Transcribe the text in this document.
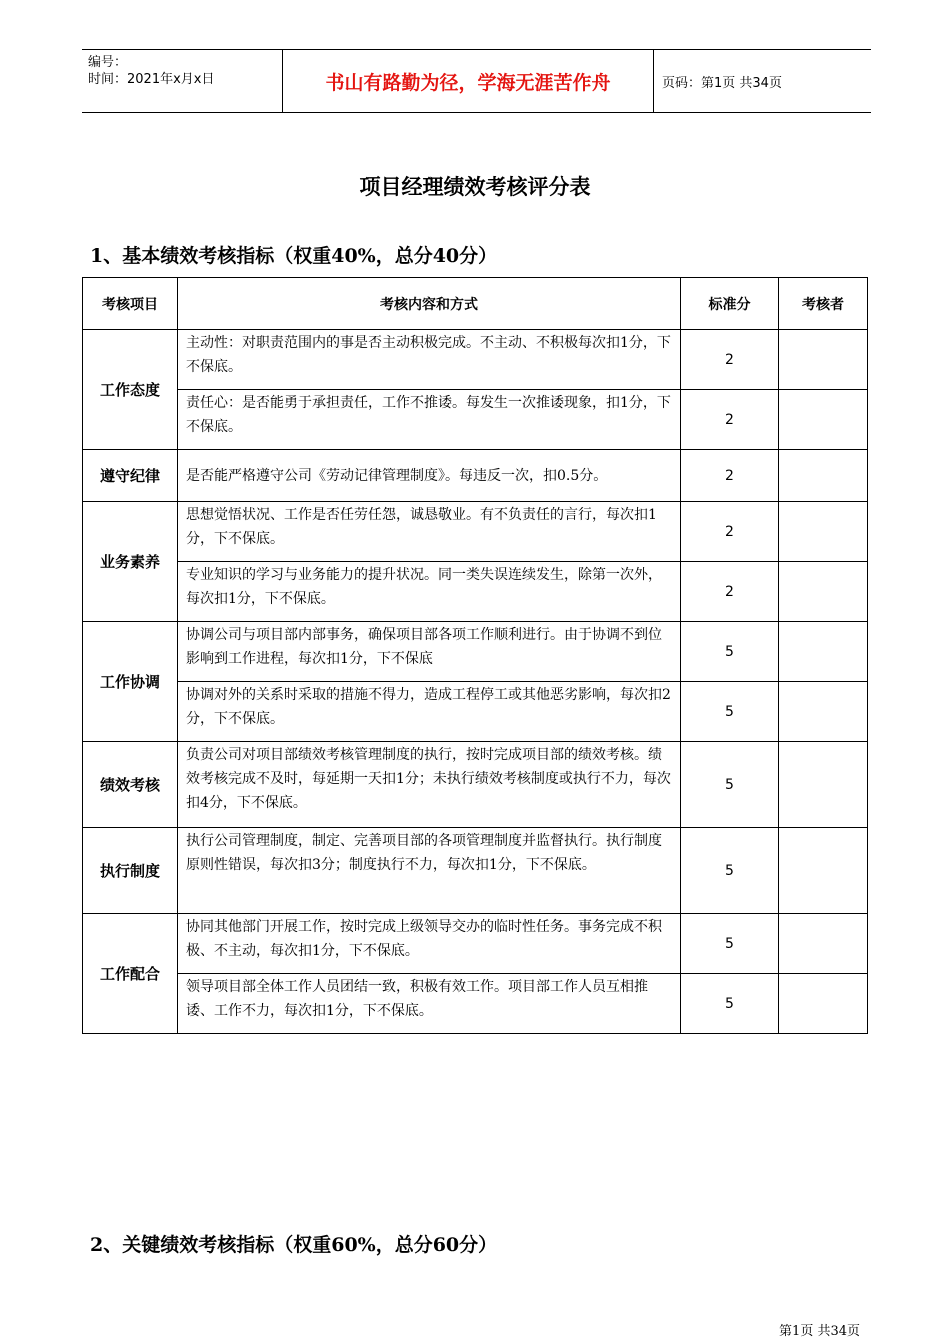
编号：
时间：2021年x月x日	书山有路勤为径，学海无涯苦作舟	页码：第1页 共34页
项目经理绩效考核评分表
1、基本绩效考核指标（权重40%，总分40分）
考核项目	考核内容和方式	标准分	考核者
工作态度	主动性：对职责范围内的事是否主动积极完成。不主动、不积极每次扣1分，下不保底。	2	
	责任心：是否能勇于承担责任，工作不推诿。每发生一次推诿现象，扣1分，下不保底。	2	
遵守纪律	是否能严格遵守公司《劳动记律管理制度》。每违反一次，扣0.5分。	2	
业务素养	思想觉悟状况、工作是否任劳任怨，诚恳敬业。有不负责任的言行，每次扣1分，下不保底。	2	
	专业知识的学习与业务能力的提升状况。同一类失误连续发生，除第一次外，每次扣1分，下不保底。	2	
工作协调	协调公司与项目部内部事务，确保项目部各项工作顺利进行。由于协调不到位影响到工作进程，每次扣1分，下不保底	5	
	协调对外的关系时采取的措施不得力，造成工程停工或其他恶劣影响，每次扣2分，下不保底。	5	
绩效考核	负责公司对项目部绩效考核管理制度的执行，按时完成项目部的绩效考核。绩效考核完成不及时，每延期一天扣1分；未执行绩效考核制度或执行不力，每次扣4分，下不保底。	5	
执行制度	执行公司管理制度，制定、完善项目部的各项管理制度并监督执行。执行制度原则性错误，每次扣3分；制度执行不力，每次扣1分，下不保底。	5	
工作配合	协同其他部门开展工作，按时完成上级领导交办的临时性任务。事务完成不积极、不主动，每次扣1分，下不保底。	5	
	领导项目部全体工作人员团结一致，积极有效工作。项目部工作人员互相推诿、工作不力，每次扣1分，下不保底。	5	
2、关键绩效考核指标（权重60%，总分60分）
第1页 共34页
